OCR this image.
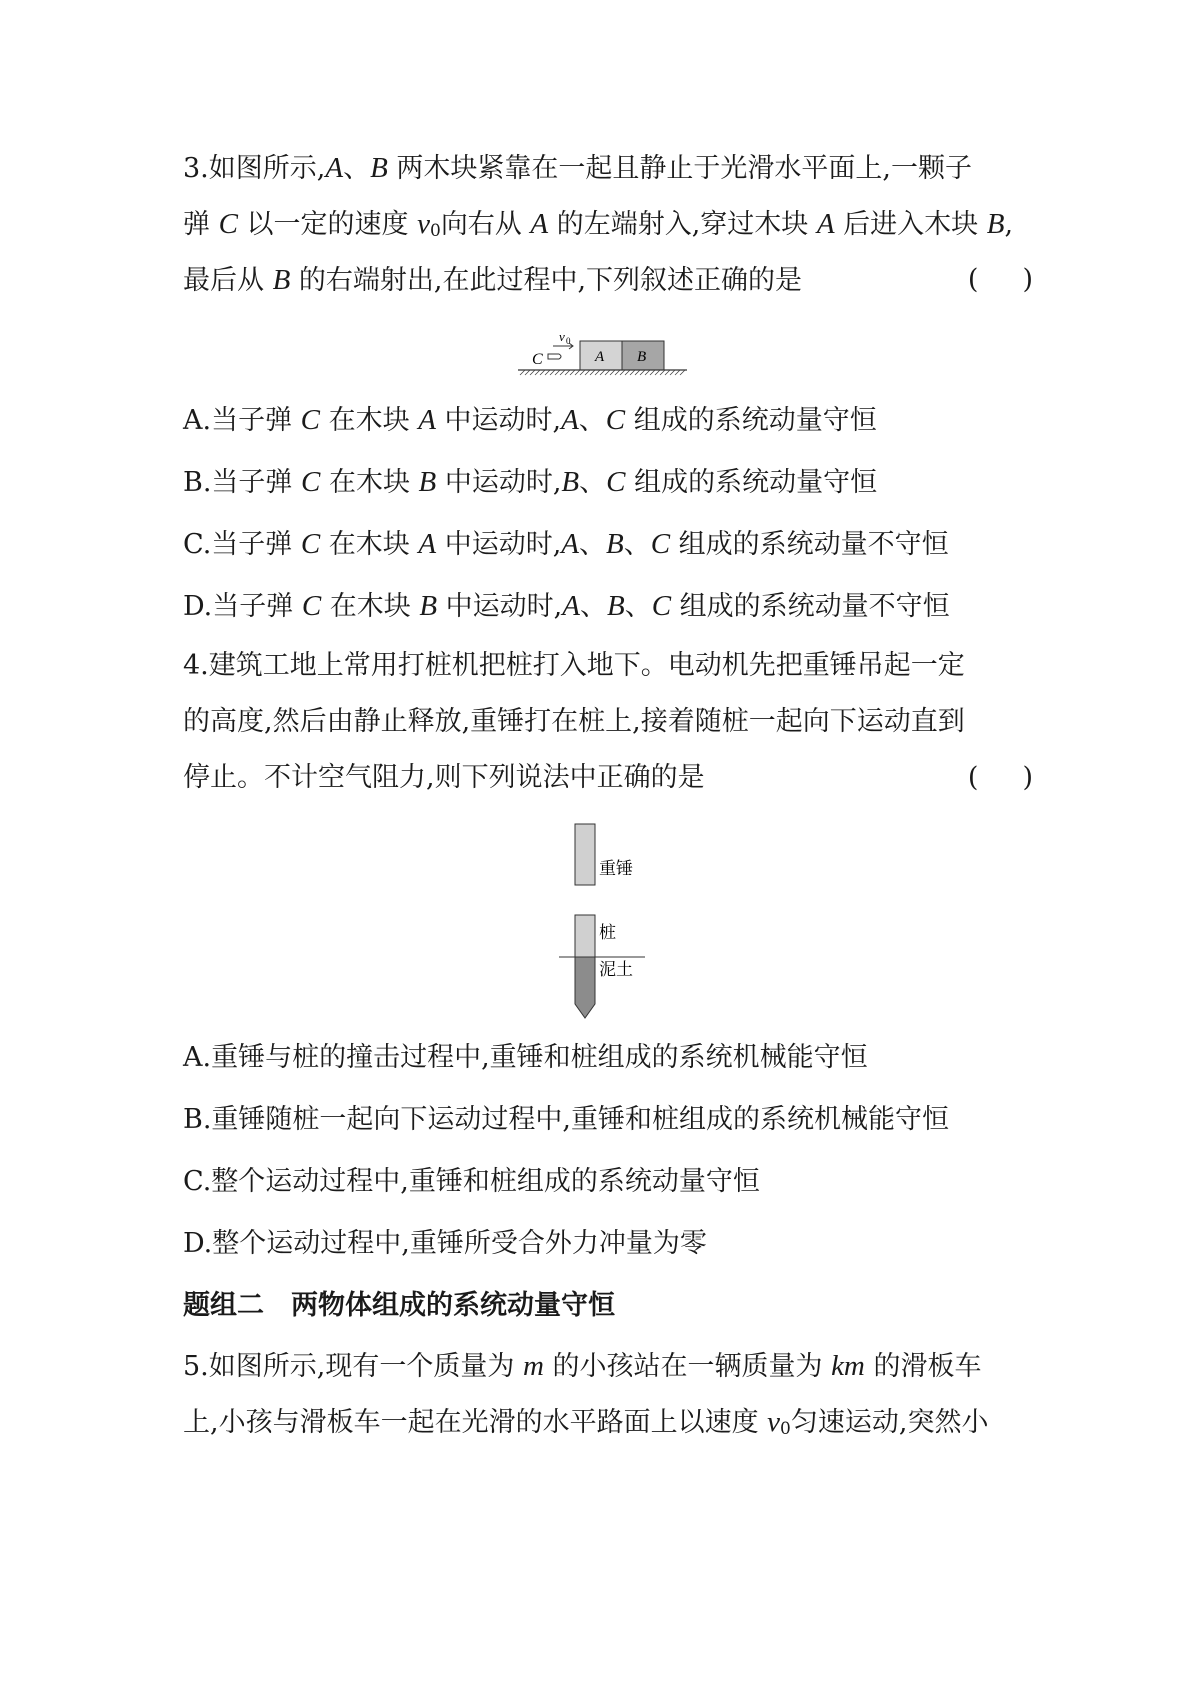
3.如图所示,A、B 两木块紧靠在一起且静止于光滑水平面上,一颗子
弹 C 以一定的速度 $v_0$向右从 A 的左端射入,穿过木块 A 后进入木块 B,
最后从 B 的右端射出,在此过程中,下列叙述正确的是	()
v 0
C	A B
A.当子弹 C 在木块 A 中运动时,A、C 组成的系统动量守恒
B.当子弹 C 在木块 B 中运动时,B、C 组成的系统动量守恒
C.当子弹 C 在木块 A 中运动时,A、B、C 组成的系统动量不守恒
D.当子弹 C 在木块 B 中运动时,A、B、C 组成的系统动量不守恒
4.建筑工地上常用打桩机把桩打入地下。电动机先把重锤吊起一定
的高度,然后由静止释放,重锤打在桩上,接着随桩一起向下运动直到
停止。不计空气阻力,则下列说法中正确的是	()
重锤
桩
泥土
A.重锤与桩的撞击过程中,重锤和桩组成的系统机械能守恒
B.重锤随桩一起向下运动过程中,重锤和桩组成的系统机械能守恒
C.整个运动过程中,重锤和桩组成的系统动量守恒
D.整个运动过程中,重锤所受合外力冲量为零
题组二　两物体组成的系统动量守恒
5.如图所示,现有一个质量为 m 的小孩站在一辆质量为 km 的滑板车
上,小孩与滑板车一起在光滑的水平路面上以速度 $v_0$匀速运动,突然小
